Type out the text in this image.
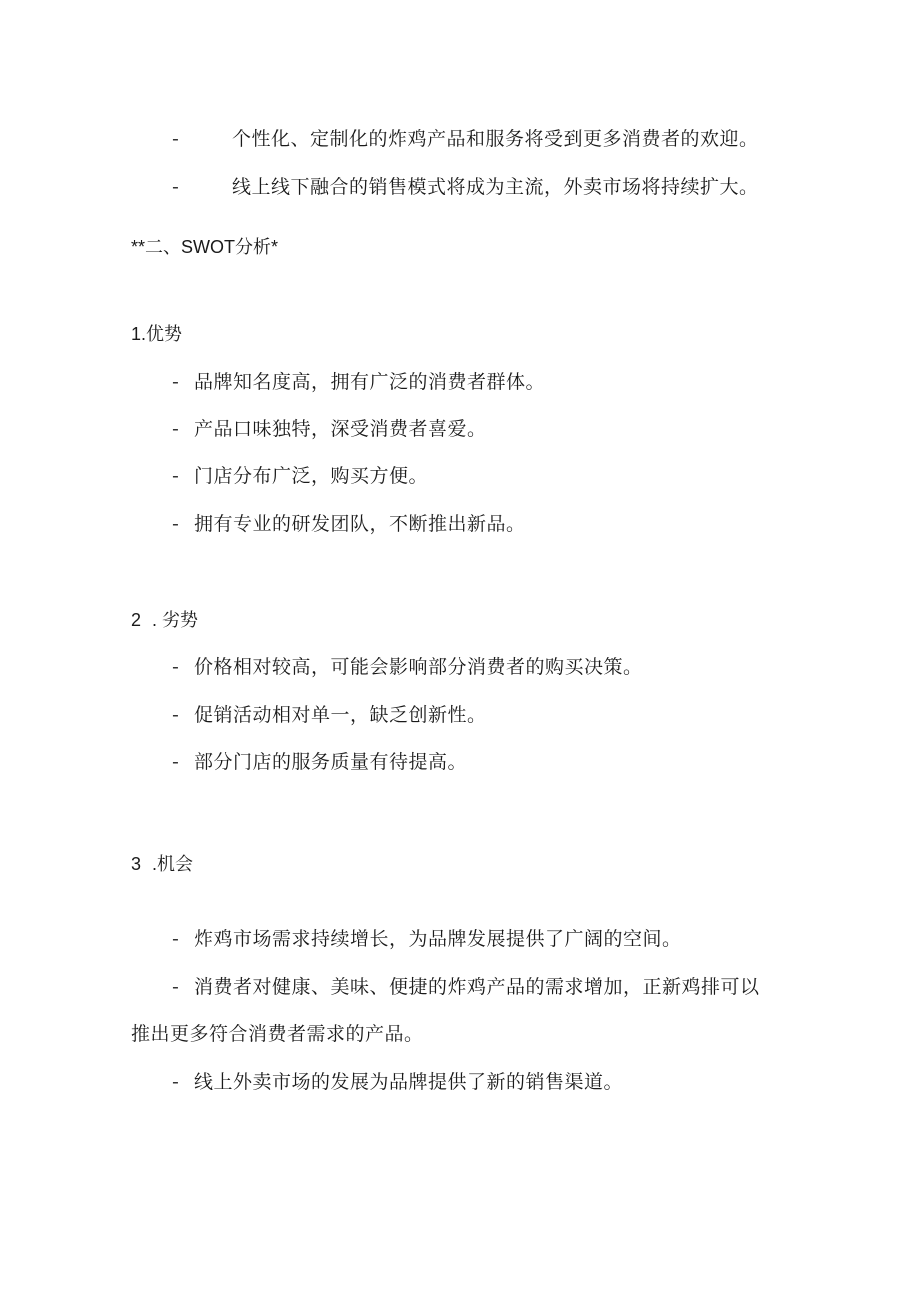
-	个性化、定制化的炸鸡产品和服务将受到更多消费者的欢迎。
-	线上线下融合的销售模式将成为主流，外卖市场将持续扩大。
**二、SWOT分析*
1.优势
- 品牌知名度高，拥有广泛的消费者群体。
- 产品口味独特，深受消费者喜爱。
- 门店分布广泛，购买方便。
- 拥有专业的研发团队，不断推出新品。
2 . 劣势
- 价格相对较高，可能会影响部分消费者的购买决策。
- 促销活动相对单一，缺乏创新性。
- 部分门店的服务质量有待提高。
3 .机会
- 炸鸡市场需求持续增长，为品牌发展提供了广阔的空间。
- 消费者对健康、美味、便捷的炸鸡产品的需求增加，正新鸡排可以
推出更多符合消费者需求的产品。
- 线上外卖市场的发展为品牌提供了新的销售渠道。
